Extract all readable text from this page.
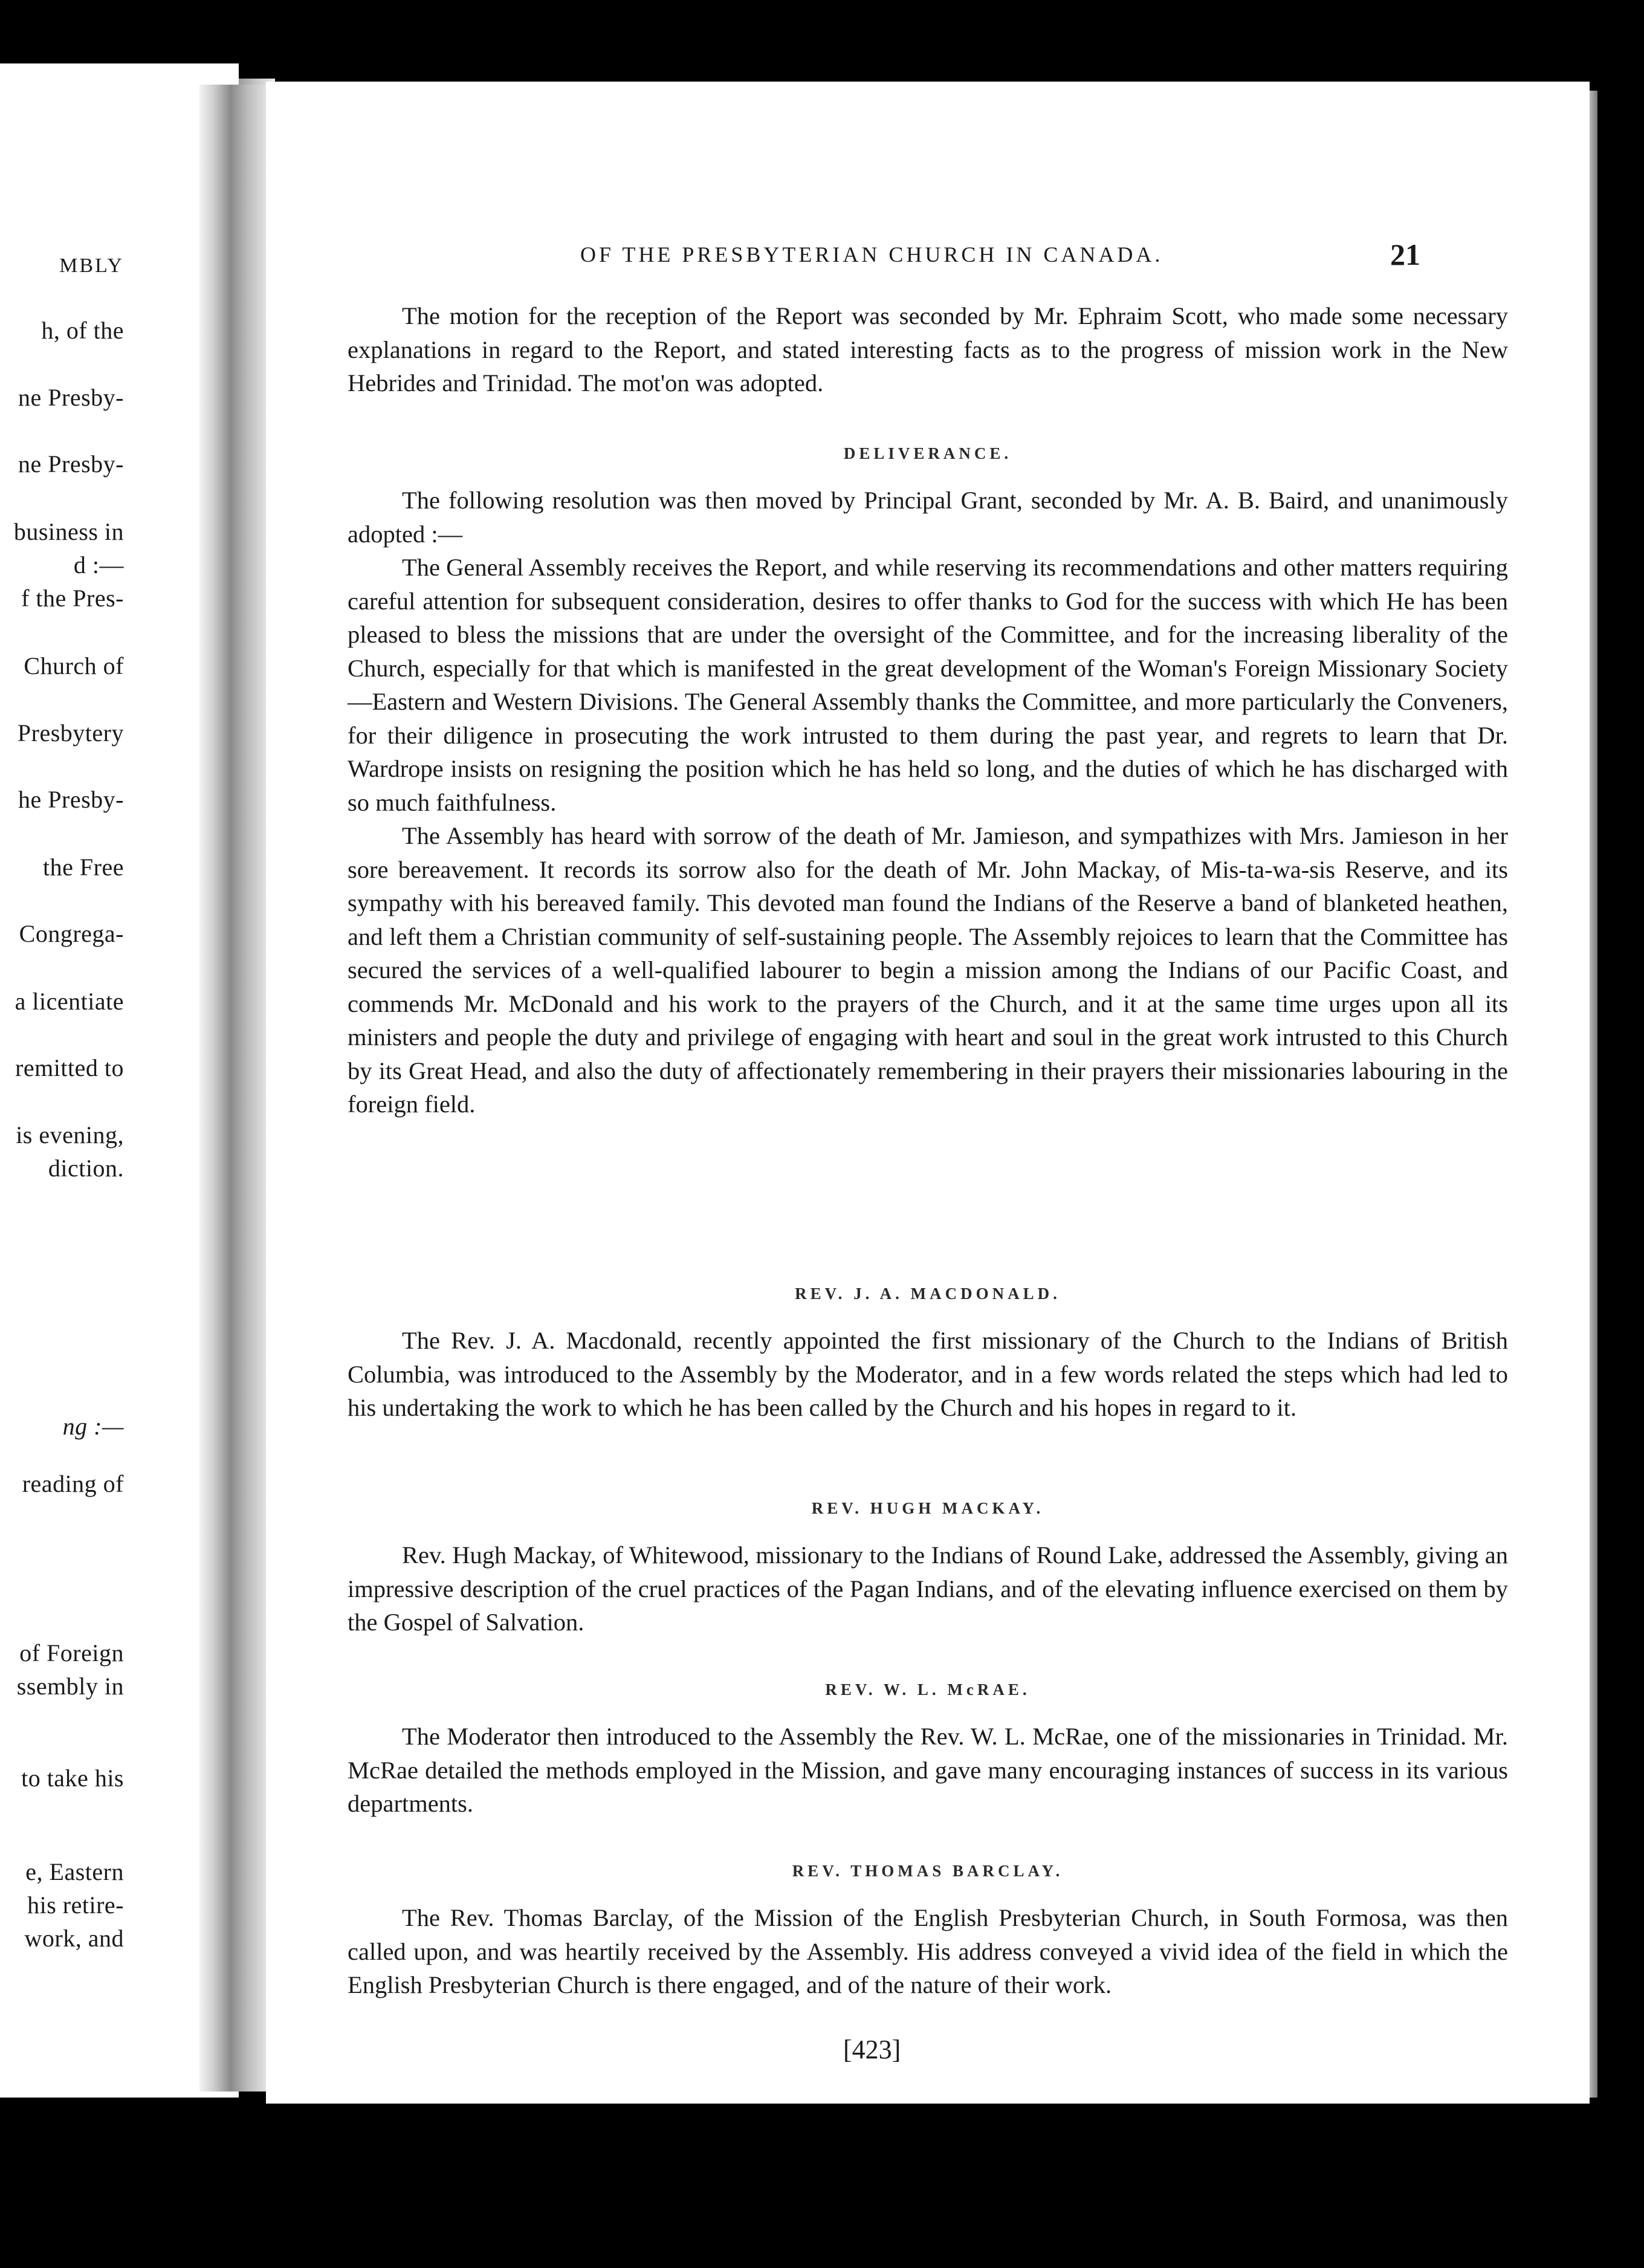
MBLY
h, of the
ne Presby-
ne Presby-
business in
d :—
f the Pres-
Church of
Presbytery
he Presby-
the Free
Congrega-
a licentiate
remitted to
is evening,
diction.
ng :—
reading of
of Foreign
ssembly in
to take his
e, Eastern
his retire-
work, and
OF THE PRESBYTERIAN CHURCH IN CANADA.	21

The motion for the reception of the Report was seconded by Mr. Ephraim Scott, who made some necessary explanations in regard to the Report, and stated interesting facts as to the progress of mission work in the New Hebrides and Trinidad. The mot'on was adopted.

DELIVERANCE.

The following resolution was then moved by Principal Grant, seconded by Mr. A. B. Baird, and unanimously adopted :—

The General Assembly receives the Report, and while reserving its recommendations and other matters requiring careful attention for subsequent consideration, desires to offer thanks to God for the success with which He has been pleased to bless the missions that are under the oversight of the Committee, and for the increasing liberality of the Church, especially for that which is manifested in the great development of the Woman's Foreign Missionary Society—Eastern and Western Divisions. The General Assembly thanks the Committee, and more particularly the Conveners, for their diligence in prosecuting the work intrusted to them during the past year, and regrets to learn that Dr. Wardrope insists on resigning the position which he has held so long, and the duties of which he has discharged with so much faithfulness.

The Assembly has heard with sorrow of the death of Mr. Jamieson, and sympathizes with Mrs. Jamieson in her sore bereavement. It records its sorrow also for the death of Mr. John Mackay, of Mis-ta-wa-sis Reserve, and its sympathy with his bereaved family. This devoted man found the Indians of the Reserve a band of blanketed heathen, and left them a Christian community of self-sustaining people. The Assembly rejoices to learn that the Committee has secured the services of a well-qualified labourer to begin a mission among the Indians of our Pacific Coast, and commends Mr. McDonald and his work to the prayers of the Church, and it at the same time urges upon all its ministers and people the duty and privilege of engaging with heart and soul in the great work intrusted to this Church by its Great Head, and also the duty of affectionately remembering in their prayers their missionaries labouring in the foreign field.

REV. J. A. MACDONALD.

The Rev. J. A. Macdonald, recently appointed the first missionary of the Church to the Indians of British Columbia, was introduced to the Assembly by the Moderator, and in a few words related the steps which had led to his undertaking the work to which he has been called by the Church and his hopes in regard to it.

REV. HUGH MACKAY.

Rev. Hugh Mackay, of Whitewood, missionary to the Indians of Round Lake, addressed the Assembly, giving an impressive description of the cruel practices of the Pagan Indians, and of the elevating influence exercised on them by the Gospel of Salvation.

REV. W. L. McRAE.

The Moderator then introduced to the Assembly the Rev. W. L. McRae, one of the missionaries in Trinidad. Mr. McRae detailed the methods employed in the Mission, and gave many encouraging instances of success in its various departments.

REV. THOMAS BARCLAY.

The Rev. Thomas Barclay, of the Mission of the English Presbyterian Church, in South Formosa, was then called upon, and was heartily received by the Assembly. His address conveyed a vivid idea of the field in which the English Presbyterian Church is there engaged, and of the nature of their work.

[423]
